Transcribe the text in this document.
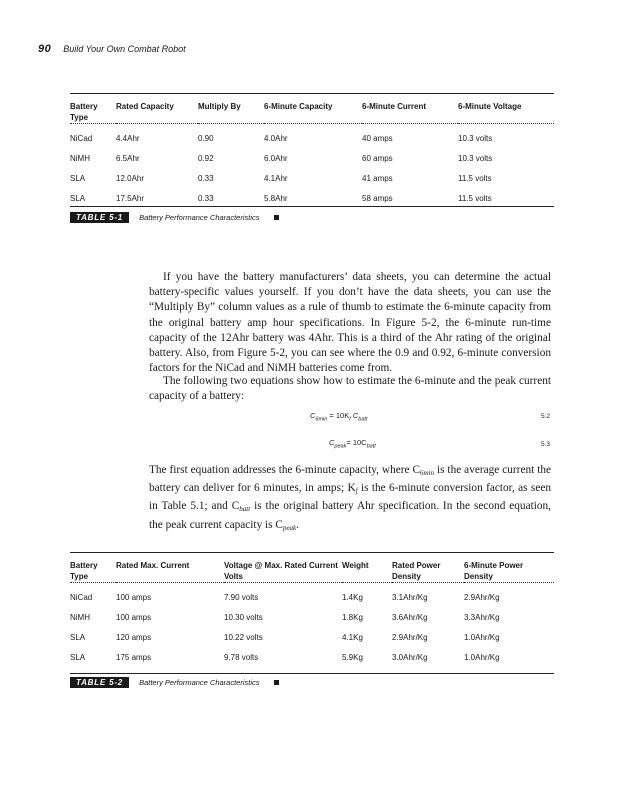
90 Build Your Own Combat Robot
Battery Type	Rated Capacity	Multiply By	6-Minute Capacity	6-Minute Current	6-Minute Voltage
NiCad	4.4Ahr	0.90	4.0Ahr	40 amps	10.3 volts
NiMH	6.5Ahr	0.92	6.0Ahr	60 amps	10.3 volts
SLA	12.0Ahr	0.33	4.1Ahr	41 amps	11.5 volts
SLA	17.5Ahr	0.33	5.8Ahr	58 amps	11.5 volts
TABLE 5-1	Battery Performance Characteristics

If you have the battery manufacturers’ data sheets, you can determine the actual battery-specific values yourself. If you don’t have the data sheets, you can use the “Multiply By” column values as a rule of thumb to estimate the 6-minute capacity from the original battery amp hour specifications. In Figure 5-2, the 6-minute run-time capacity of the 12Ahr battery was 4Ahr. This is a third of the Ahr rating of the original battery. Also, from Figure 5-2, you can see where the 0.9 and 0.92, 6-minute conversion factors for the NiCad and NiMH batteries come from.

The following two equations show how to estimate the 6-minute and the peak current capacity of a battery:

$C_{6min} = 10K_f$ $C_{batt}$	5.2
$C_{peak}= 10C_{batt}$	5.3

The first equation addresses the 6-minute capacity, where C6min is the average current the battery can deliver for 6 minutes, in amps; Kf is the 6-minute conversion factor, as seen in Table 5.1; and Cbatt is the original battery Ahr specification. In the second equation, the peak current capacity is Cpeak.

Battery Type	Rated Max. Current	Voltage @ Max. Rated Current Volts	Weight	Rated Power Density	6-Minute Power Density
NiCad	100 amps	7.90 volts	1.4Kg	3.1Ahr/Kg	2.9Ahr/Kg
NiMH	100 amps	10.30 volts	1.8Kg	3.6Ahr/Kg	3.3Ahr/Kg
SLA	120 amps	10.22 volts	4.1Kg	2.9Ahr/Kg	1.0Ahr/Kg
SLA	175 amps	9.78 volts	5.9Kg	3.0Ahr/Kg	1.0Ahr/Kg
TABLE 5-2	Battery Performance Characteristics
